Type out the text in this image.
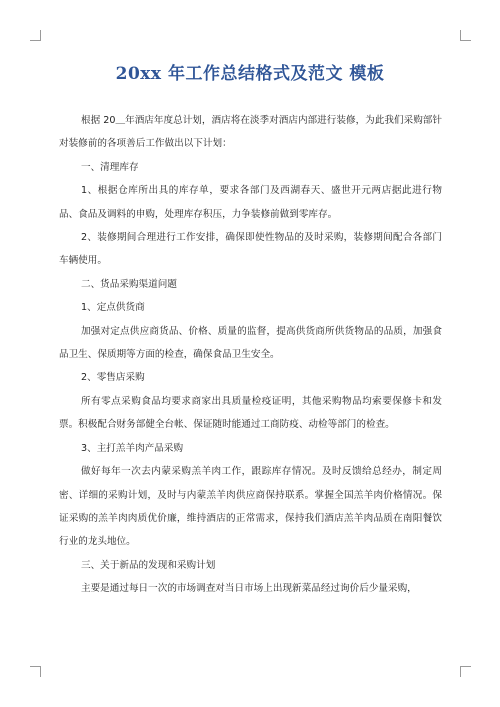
20xx 年工作总结格式及范文 模板

根据 20＿年酒店年度总计划，酒店将在淡季对酒店内部进行装修，为此我们采购部针对装修前的各项善后工作做出以下计划：

一、清理库存

1、根据仓库所出具的库存单，要求各部门及西湖春天、盛世开元两店据此进行物品、食品及调料的申购，处理库存积压，力争装修前做到零库存。

2、装修期间合理进行工作安排，确保即使性物品的及时采购，装修期间配合各部门车辆使用。

二、货品采购渠道问题

1、定点供货商

加强对定点供应商货品、价格、质量的监督，提高供货商所供货物品的品质，加强食品卫生、保质期等方面的检查，确保食品卫生安全。

2、零售店采购

所有零点采购食品均要求商家出具质量检疫证明，其他采购物品均索要保修卡和发票。积极配合财务部健全台帐、保证随时能通过工商防疫、动检等部门的检查。

3、主打羔羊肉产品采购

做好每年一次去内蒙采购羔羊肉工作，跟踪库存情况。及时反馈给总经办，制定周密、详细的采购计划，及时与内蒙羔羊肉供应商保持联系。掌握全国羔羊肉价格情况。保证采购的羔羊肉肉质优价廉，维持酒店的正常需求，保持我们酒店羔羊肉品质在南阳餐饮行业的龙头地位。

三、关于新品的发现和采购计划

主要是通过每日一次的市场调查对当日市场上出现新菜品经过询价后少量采购，
